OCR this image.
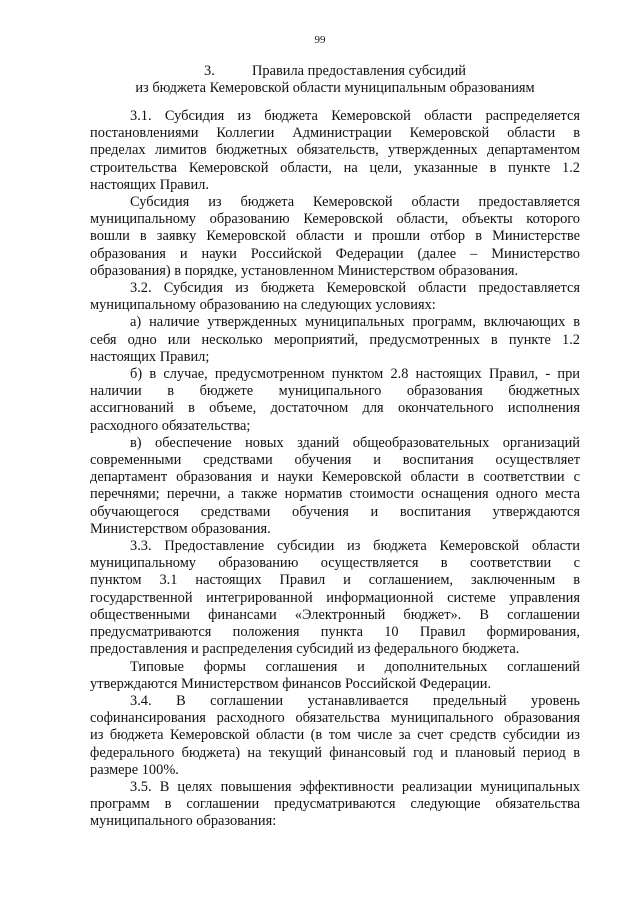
99
3.	Правила предоставления субсидий
из бюджета Кемеровской области муниципальным образованиям
3.1. Субсидия из бюджета Кемеровской области распределяется
постановлениями Коллегии Администрации Кемеровской области в
пределах лимитов бюджетных обязательств, утвержденных департаментом
строительства Кемеровской области, на цели, указанные в пункте 1.2
настоящих Правил.
Субсидия из бюджета Кемеровской области предоставляется
муниципальному образованию Кемеровской области, объекты которого
вошли в заявку Кемеровской области и прошли отбор в Министерстве
образования и науки Российской Федерации (далее – Министерство
образования) в порядке, установленном Министерством образования.
3.2. Субсидия из бюджета Кемеровской области предоставляется
муниципальному образованию на следующих условиях:
а) наличие утвержденных муниципальных программ, включающих в
себя одно или несколько мероприятий, предусмотренных в пункте 1.2
настоящих Правил;
б) в случае, предусмотренном пунктом 2.8 настоящих Правил, - при
наличии в бюджете муниципального образования бюджетных
ассигнований в объеме, достаточном для окончательного исполнения
расходного обязательства;
в) обеспечение новых зданий общеобразовательных организаций
современными средствами обучения и воспитания осуществляет
департамент образования и науки Кемеровской области в соответствии с
перечнями; перечни, а также норматив стоимости оснащения одного места
обучающегося средствами обучения и воспитания утверждаются
Министерством образования.
3.3. Предоставление субсидии из бюджета Кемеровской области
муниципальному образованию осуществляется в соответствии с
пунктом 3.1 настоящих Правил и соглашением, заключенным в
государственной интегрированной информационной системе управления
общественными финансами «Электронный бюджет». В соглашении
предусматриваются положения пункта 10 Правил формирования,
предоставления и распределения субсидий из федерального бюджета.
Типовые формы соглашения и дополнительных соглашений
утверждаются Министерством финансов Российской Федерации.
3.4. В соглашении устанавливается предельный уровень
софинансирования расходного обязательства муниципального образования
из бюджета Кемеровской области (в том числе за счет средств субсидии из
федерального бюджета) на текущий финансовый год и плановый период в
размере 100%.
3.5. В целях повышения эффективности реализации муниципальных
программ в соглашении предусматриваются следующие обязательства
муниципального образования:
